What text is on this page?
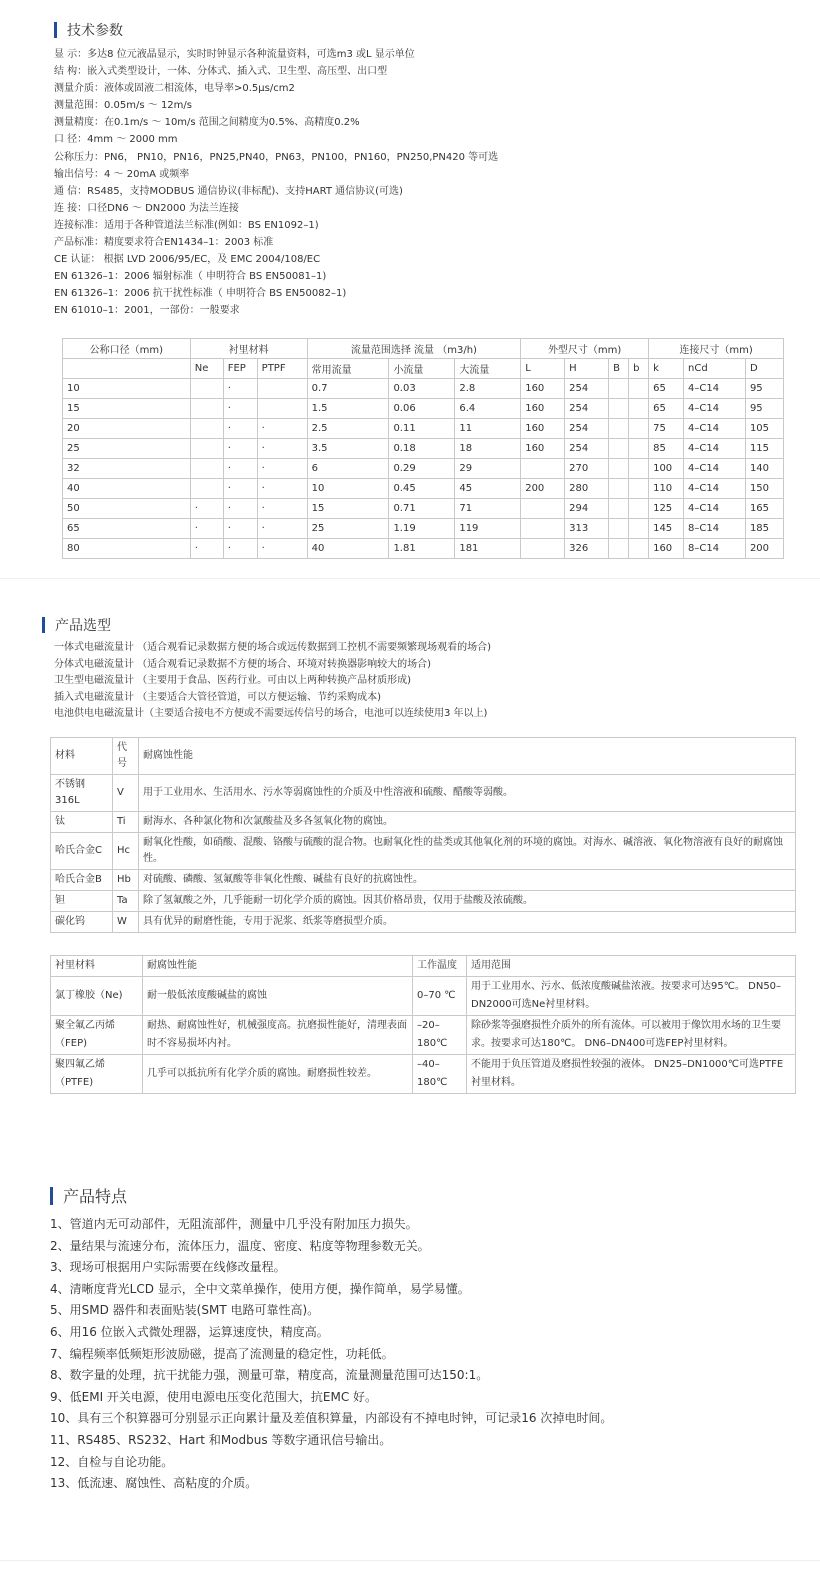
技术参数
显 示：多达8 位元液晶显示，实时时钟显示各种流量资料，可选m3 或L 显示单位
结 构：嵌入式类型设计，一体、分体式、插入式、卫生型、高压型、出口型
测量介质：液体或固液二相流体，电导率>0.5μs/cm2
测量范围：0.05m/s ～ 12m/s
测量精度：在0.1m/s ～ 10m/s 范围之间精度为0.5%、高精度0.2%
口 径：4mm ～ 2000 mm
公称压力：PN6， PN10，PN16，PN25,PN40，PN63，PN100，PN160，PN250,PN420 等可选
输出信号：4 ～ 20mA 或频率
通 信：RS485，支持MODBUS 通信协议(非标配)、支持HART 通信协议(可选)
连 接：口径DN6 ～ DN2000 为法兰连接
连接标准：适用于各种管道法兰标准(例如：BS EN1092–1)
产品标准：精度要求符合EN1434–1：2003 标准
CE 认证： 根据 LVD 2006/95/EC，及 EMC 2004/108/EC
EN 61326–1：2006 辐射标准（ 申明符合 BS EN50081–1)
EN 61326–1：2006 抗干扰性标准（ 申明符合 BS EN50082–1)
EN 61010–1：2001，一部份：一般要求
公称口径（mm)	衬里材料			流量范围选择 流量 （m3/h)			外型尺寸（mm)				连接尺寸（mm)		
	Ne	FEP	PTPF	常用流量	小流量	大流量	L	H	B	b	k	nⅭd	D
10		·		0.7	0.03	2.8	160	254			65	4–Ⅽ14	95
15		·		1.5	0.06	6.4	160	254			65	4–Ⅽ14	95
20		·	·	2.5	0.11	11	160	254			75	4–Ⅽ14	105
25		·	·	3.5	0.18	18	160	254			85	4–Ⅽ14	115
32		·	·	6	0.29	29		270			100	4–Ⅽ14	140
40		·	·	10	0.45	45	200	280			110	4–Ⅽ14	150
50	·	·	·	15	0.71	71		294			125	4–Ⅽ14	165
65	·	·	·	25	1.19	119		313			145	8–Ⅽ14	185
80	·	·	·	40	1.81	181		326			160	8–Ⅽ14	200
产品选型
一体式电磁流量计 （适合观看记录数据方便的场合或远传数据到工控机不需要频繁现场观看的场合)
分体式电磁流量计 （适合观看记录数据不方便的场合、环境对转换器影响较大的场合)
卫生型电磁流量计 （主要用于食品、医药行业。可由以上两种转换产品材质形成)
插入式电磁流量计 （主要适合大管径管道，可以方便运输、节约采购成本)
电池供电电磁流量计（主要适合接电不方便或不需要远传信号的场合，电池可以连续使用3 年以上)
材料	代号	耐腐蚀性能
不锈钢316L	V	用于工业用水、生活用水、污水等弱腐蚀性的介质及中性溶液和硫酸、醋酸等弱酸。
钛	Ti	耐海水、各种氯化物和次氯酸盐及多各氢氧化物的腐蚀。
哈氏合金C	Hc	耐氧化性酸，如硝酸、混酸、铬酸与硫酸的混合物。也耐氧化性的盐类或其他氧化剂的环境的腐蚀。对海水、碱溶液、氧化物溶液有良好的耐腐蚀性。
哈氏合金B	Hb	对硫酸、磷酸、氢氟酸等非氧化性酸、碱盐有良好的抗腐蚀性。
钽	Ta	除了氢氟酸之外，几乎能耐一切化学介质的腐蚀。因其价格昂贵，仅用于盐酸及浓硫酸。
碳化钨	W	具有优异的耐磨性能，专用于泥浆、纸浆等磨损型介质。
衬里材料	耐腐蚀性能	工作温度	适用范围
氯丁橡胶（Ne)	耐一般低浓度酸碱盐的腐蚀	0–70 ℃	用于工业用水、污水、低浓度酸碱盐浓液。按要求可达95℃。 DN50–DN2000可选Ne衬里材料。
聚全氟乙丙烯 （FEP)	耐热、耐腐蚀性好，机械强度高。抗磨损性能好，清理表面时不容易损坏内衬。	–20–180℃	除砂浆等强磨损性介质外的所有流体。可以被用于像饮用水场的卫生要求。按要求可达180℃。 DN6–DN400可选FEP衬里材料。
聚四氟乙烯 （PTFE)	几乎可以抵抗所有化学介质的腐蚀。耐磨损性较差。	–40–180℃	不能用于负压管道及磨损性较强的液体。 DN25–DN1000℃可选PTFE衬里材料。
产品特点
1、管道内无可动部件，无阻流部件，测量中几乎没有附加压力损失。
2、量结果与流速分布，流体压力，温度、密度、粘度等物理参数无关。
3、现场可根据用户实际需要在线修改量程。
4、清晰度背光LCD 显示，全中文菜单操作，使用方便，操作简单，易学易懂。
5、用SMD 器件和表面贴装(SMT 电路可靠性高)。
6、用16 位嵌入式微处理器，运算速度快，精度高。
7、编程频率低频矩形波励磁，提高了流测量的稳定性，功耗低。
8、数字量的处理，抗干扰能力强，测量可靠，精度高，流量测量范围可达150:1。
9、低EMI 开关电源，使用电源电压变化范围大，抗EMC 好。
10、具有三个积算器可分别显示正向累计量及差值积算量，内部设有不掉电时钟，可记录16 次掉电时间。
11、RS485、RS232、Hart 和Modbus 等数字通讯信号输出。
12、自检与自论功能。
13、低流速、腐蚀性、高粘度的介质。
